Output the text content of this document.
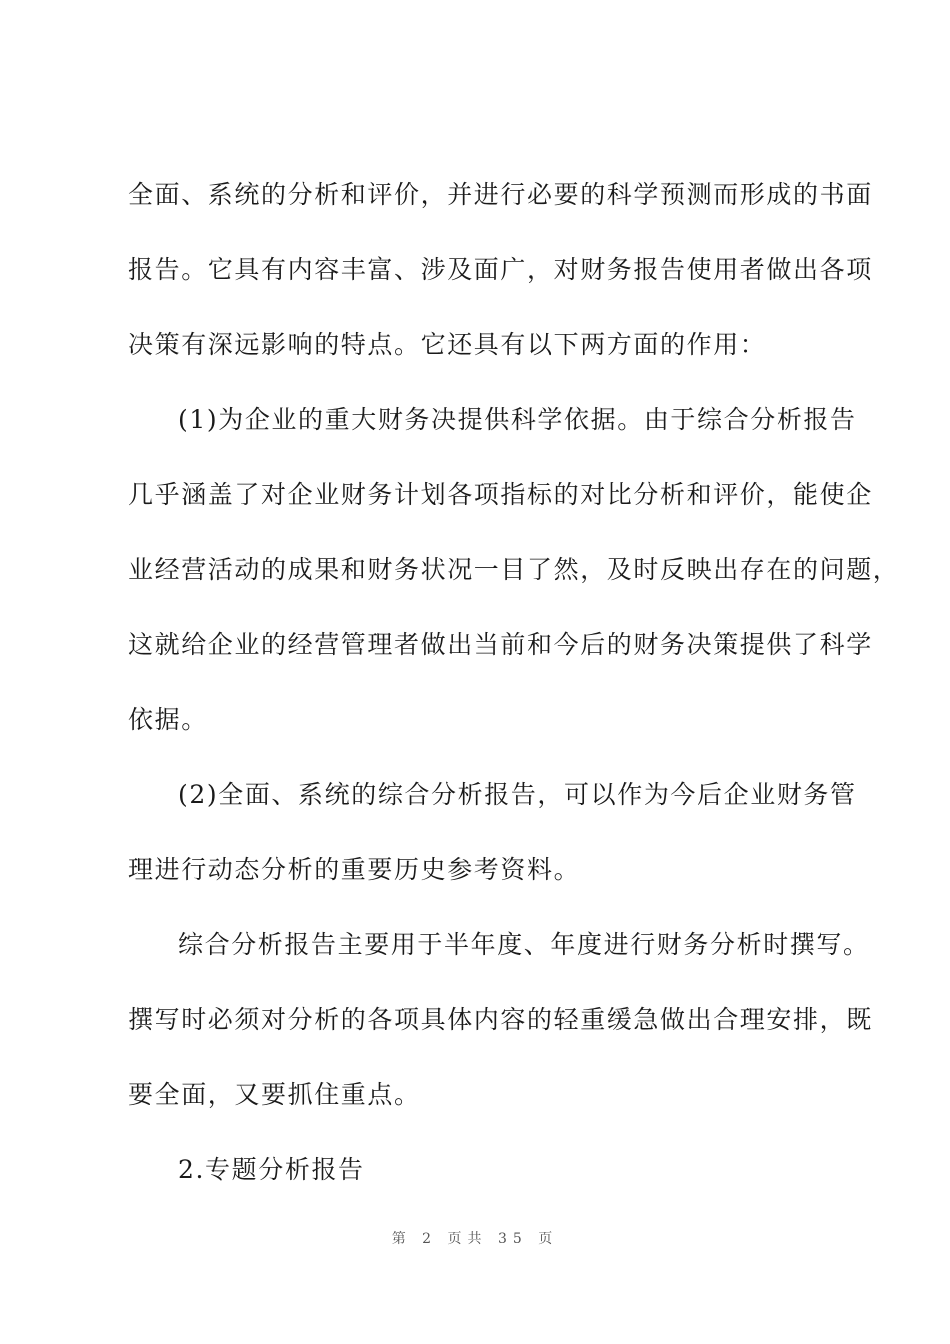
全面、系统的分析和评价，并进行必要的科学预测而形成的书面
报告。它具有内容丰富、涉及面广，对财务报告使用者做出各项
决策有深远影响的特点。它还具有以下两方面的作用：
(1)为企业的重大财务决提供科学依据。由于综合分析报告
几乎涵盖了对企业财务计划各项指标的对比分析和评价，能使企
业经营活动的成果和财务状况一目了然，及时反映出存在的问题，
这就给企业的经营管理者做出当前和今后的财务决策提供了科学
依据。
(2)全面、系统的综合分析报告，可以作为今后企业财务管
理进行动态分析的重要历史参考资料。
综合分析报告主要用于半年度、年度进行财务分析时撰写。
撰写时必须对分析的各项具体内容的轻重缓急做出合理安排，既
要全面，又要抓住重点。
2.专题分析报告
第 2 页共 35 页
